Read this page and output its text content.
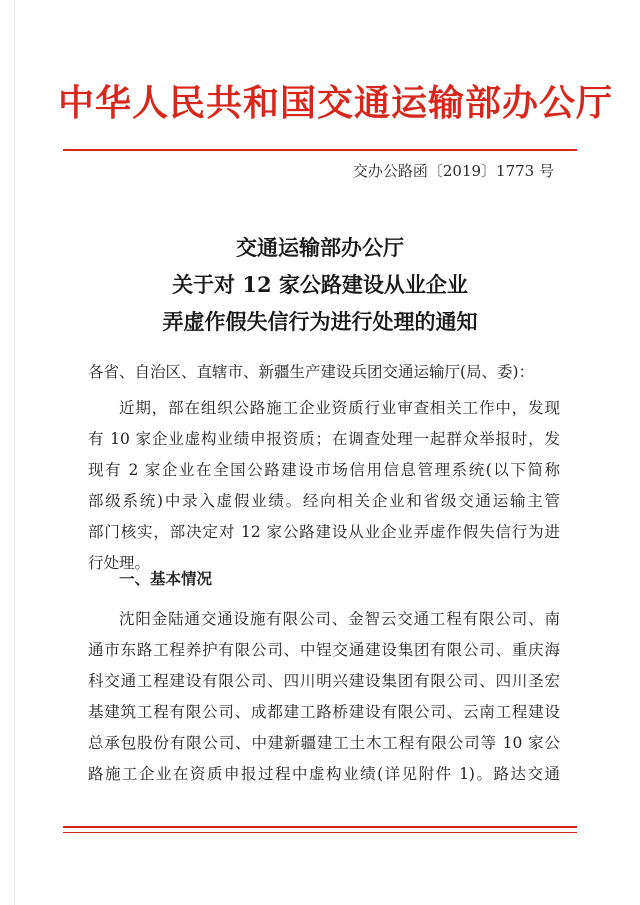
中华人民共和国交通运输部办公厅
交办公路函〔2019〕1773 号
交通运输部办公厅
关于对 12 家公路建设从业企业
弄虚作假失信行为进行处理的通知
各省、自治区、直辖市、新疆生产建设兵团交通运输厅(局、委)：
近期，部在组织公路施工企业资质行业审查相关工作中，发现
有 10 家企业虚构业绩申报资质；在调查处理一起群众举报时，发
现有 2 家企业在全国公路建设市场信用信息管理系统(以下简称
部级系统)中录入虚假业绩。经向相关企业和省级交通运输主管
部门核实，部决定对 12 家公路建设从业企业弄虚作假失信行为进
行处理。
一、基本情况
沈阳金陆通交通设施有限公司、金智云交通工程有限公司、南
通市东路工程养护有限公司、中锃交通建设集团有限公司、重庆海
科交通工程建设有限公司、四川明兴建设集团有限公司、四川圣宏
基建筑工程有限公司、成都建工路桥建设有限公司、云南工程建设
总承包股份有限公司、中建新疆建工土木工程有限公司等 10 家公
路施工企业在资质申报过程中虚构业绩(详见附件 1)。路达交通
